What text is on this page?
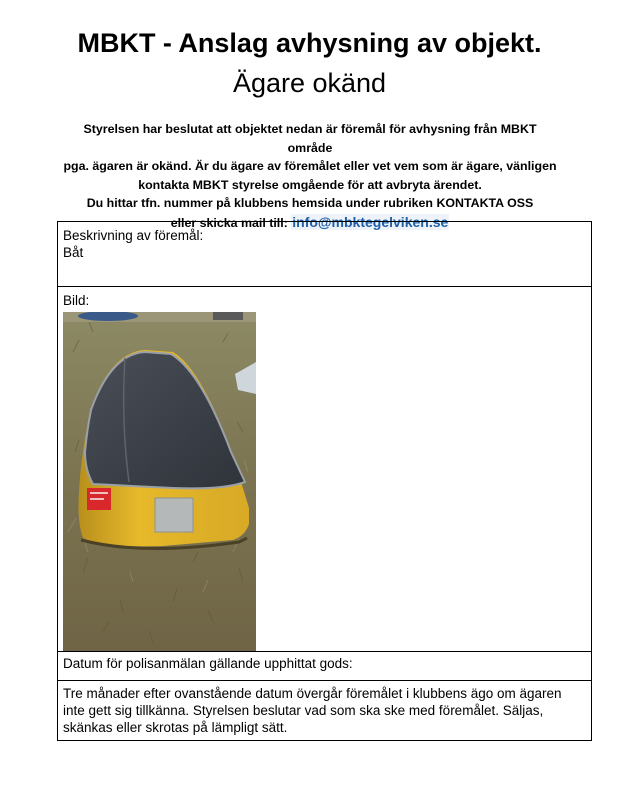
MBKT - Anslag avhysning av objekt.
Ägare okänd
Styrelsen har beslutat att objektet nedan är föremål för avhysning från MBKT område
pga. ägaren är okänd. Är du ägare av föremålet eller vet vem som är ägare, vänligen
kontakta MBKT styrelse omgående för att avbryta ärendet.
Du hittar tfn. nummer på klubbens hemsida under rubriken KONTAKTA OSS
eller skicka mail till: info@mbktegelviken.se
Beskrivning av föremål:
Båt

Bild:

Datum för polisanmälan gällande upphittat gods:

Tre månader efter ovanstående datum övergår föremålet i klubbens ägo om ägaren inte gett sig tillkänna. Styrelsen beslutar vad som ska ske med föremålet. Säljas, skänkas eller skrotas på lämpligt sätt.
